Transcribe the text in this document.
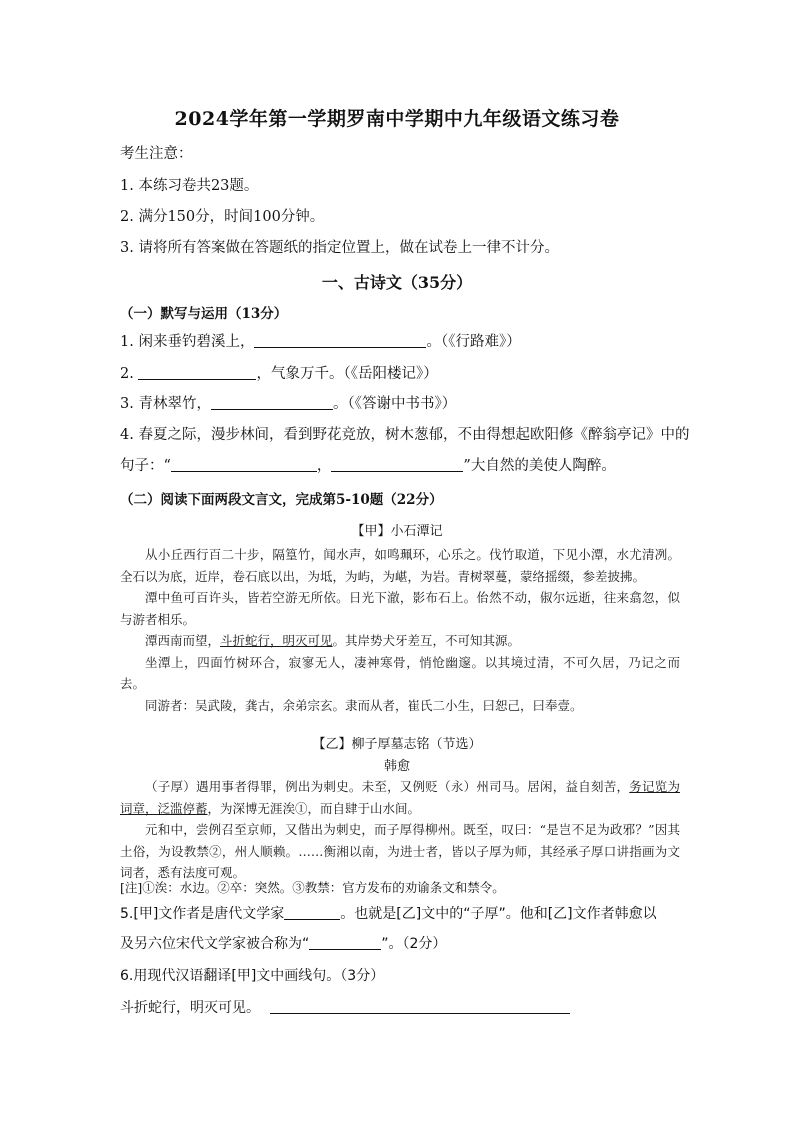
2024学年第一学期罗南中学期中九年级语文练习卷
考生注意：
1. 本练习卷共23题。
2. 满分150分，时间100分钟。
3. 请将所有答案做在答题纸的指定位置上，做在试卷上一律不计分。
一、古诗文（35分）
（一）默写与运用（13分）
1. 闲来垂钓碧溪上，	。（《行路难》）
2.	，气象万千。（《岳阳楼记》）
3. 青林翠竹，	。（《答谢中书书》）
4. 春夏之际，漫步林间，看到野花竞放，树木葱郁，不由得想起欧阳修《醉翁亭记》中的
句子：“	，	”大自然的美使人陶醉。
（二）阅读下面两段文言文，完成第5-10题（22分）
【甲】小石潭记

从小丘西行百二十步，隔篁竹，闻水声，如鸣珮环，心乐之。伐竹取道，下见小潭，水尤清冽。全石以为底，近岸，卷石底以出，为坻，为屿，为嵁，为岩。青树翠蔓，蒙络摇缀，参差披拂。

潭中鱼可百许头，皆若空游无所依。日光下澈，影布石上。佁然不动，俶尔远逝，往来翕忽，似与游者相乐。

潭西南而望，斗折蛇行，明灭可见。其岸势犬牙差互，不可知其源。

坐潭上，四面竹树环合，寂寥无人，凄神寒骨，悄怆幽邃。以其境过清，不可久居，乃记之而去。

同游者：吴武陵，龚古，余弟宗玄。隶而从者，崔氏二小生，曰恕己，曰奉壹。

【乙】柳子厚墓志铭（节选）
韩愈

（子厚）遇用事者得罪，例出为刺史。未至，又例贬（永）州司马。居闲，益自刻苦，务记览为词章，泛滥停蓄，为深博无涯涘①，而自肆于山水间。

元和中，尝例召至京师，又偕出为刺史，而子厚得柳州。既至，叹曰：“是岂不足为政邪？”因其土俗，为设教禁②，州人顺赖。……衡湘以南，为进士者，皆以子厚为师，其经承子厚口讲指画为文词者，悉有法度可观。

[注]①涘：水边。②卒：突然。③教禁：官方发布的劝谕条文和禁令。
5.[甲]文作者是唐代文学家	。也就是[乙]文中的“子厚”。他和[乙]文作者韩愈以
及另六位宋代文学家被合称为“	”。（2分）
6.用现代汉语翻译[甲]文中画线句。（3分）
斗折蛇行，明灭可见。
